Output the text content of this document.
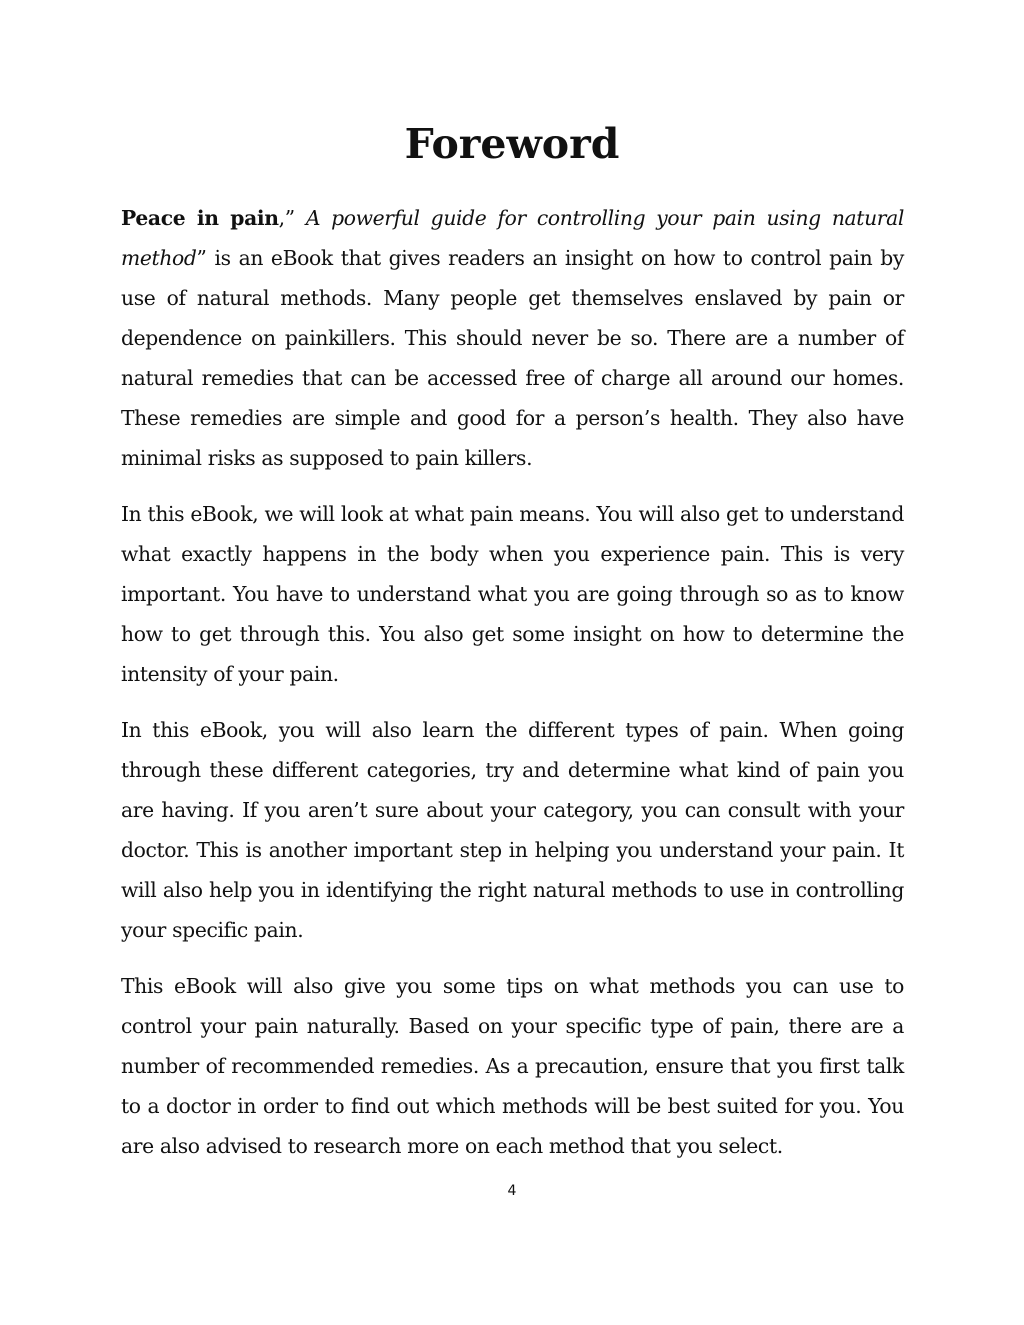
Foreword

Peace in pain,” A powerful guide for controlling your pain using natural method” is an eBook that gives readers an insight on how to control pain by use of natural methods. Many people get themselves enslaved by pain or dependence on painkillers. This should never be so. There are a number of natural remedies that can be accessed free of charge all around our homes. These remedies are simple and good for a person’s health. They also have minimal risks as supposed to pain killers.

In this eBook, we will look at what pain means. You will also get to understand what exactly happens in the body when you experience pain. This is very important. You have to understand what you are going through so as to know how to get through this. You also get some insight on how to determine the intensity of your pain.

In this eBook, you will also learn the different types of pain. When going through these different categories, try and determine what kind of pain you are having. If you aren’t sure about your category, you can consult with your doctor. This is another important step in helping you understand your pain. It will also help you in identifying the right natural methods to use in controlling your specific pain.

This eBook will also give you some tips on what methods you can use to control your pain naturally. Based on your specific type of pain, there are a number of recommended remedies. As a precaution, ensure that you first talk to a doctor in order to find out which methods will be best suited for you. You are also advised to research more on each method that you select.

4
